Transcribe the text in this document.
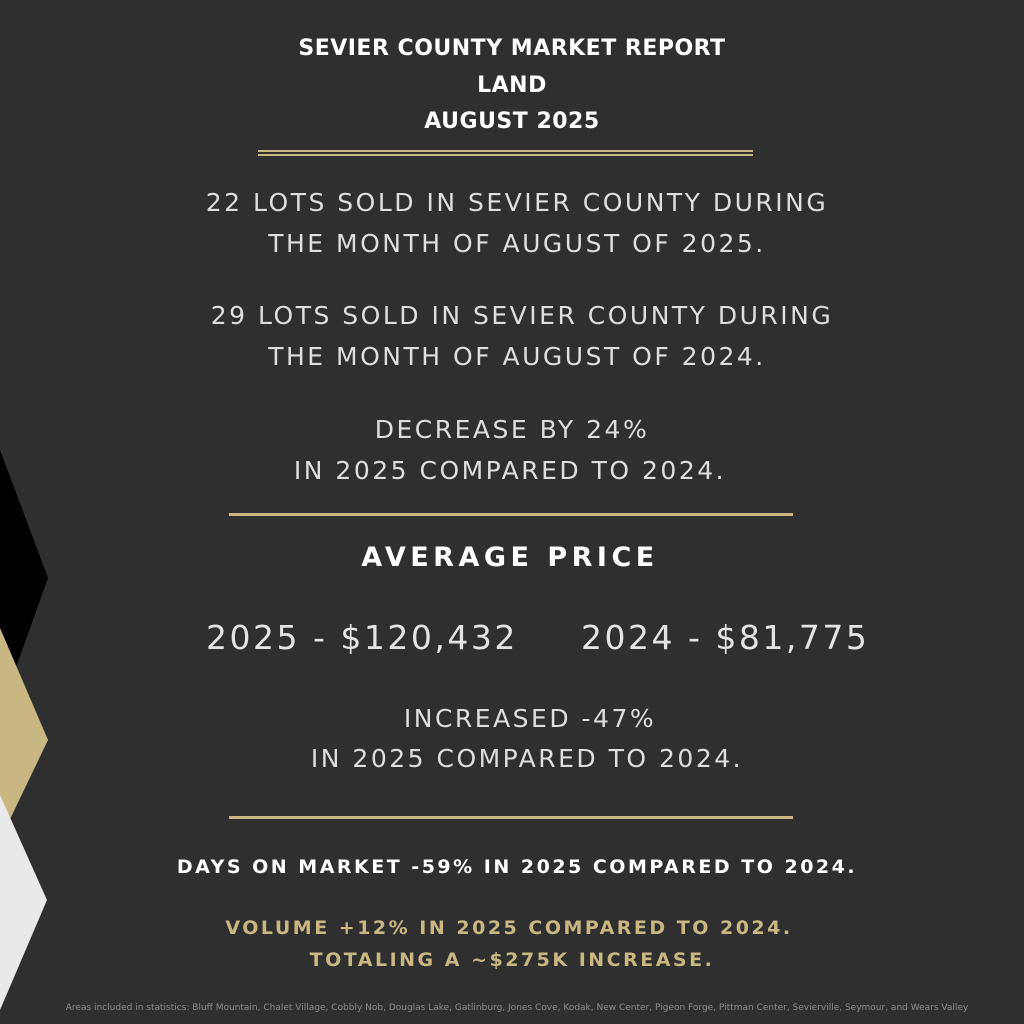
SEVIER COUNTY MARKET REPORT
LAND
AUGUST 2025
22 LOTS SOLD IN SEVIER COUNTY DURING
THE MONTH OF AUGUST OF 2025.
29 LOTS SOLD IN SEVIER COUNTY DURING
THE MONTH OF AUGUST OF 2024.
DECREASE BY 24%
IN 2025 COMPARED TO 2024.
AVERAGE PRICE
2025 - $120,432 2024 - $81,775
INCREASED -47%
IN 2025 COMPARED TO 2024.
DAYS ON MARKET -59% IN 2025 COMPARED TO 2024.
VOLUME +12% IN 2025 COMPARED TO 2024.
TOTALING A ~$275K INCREASE.
Areas included in statistics: Bluff Mountain, Chalet Village, Cobbly Nob, Douglas Lake, Gatlinburg, Jones Cove, Kodak, New Center, Pigeon Forge, Pittman Center, Sevierville, Seymour, and Wears Valley
